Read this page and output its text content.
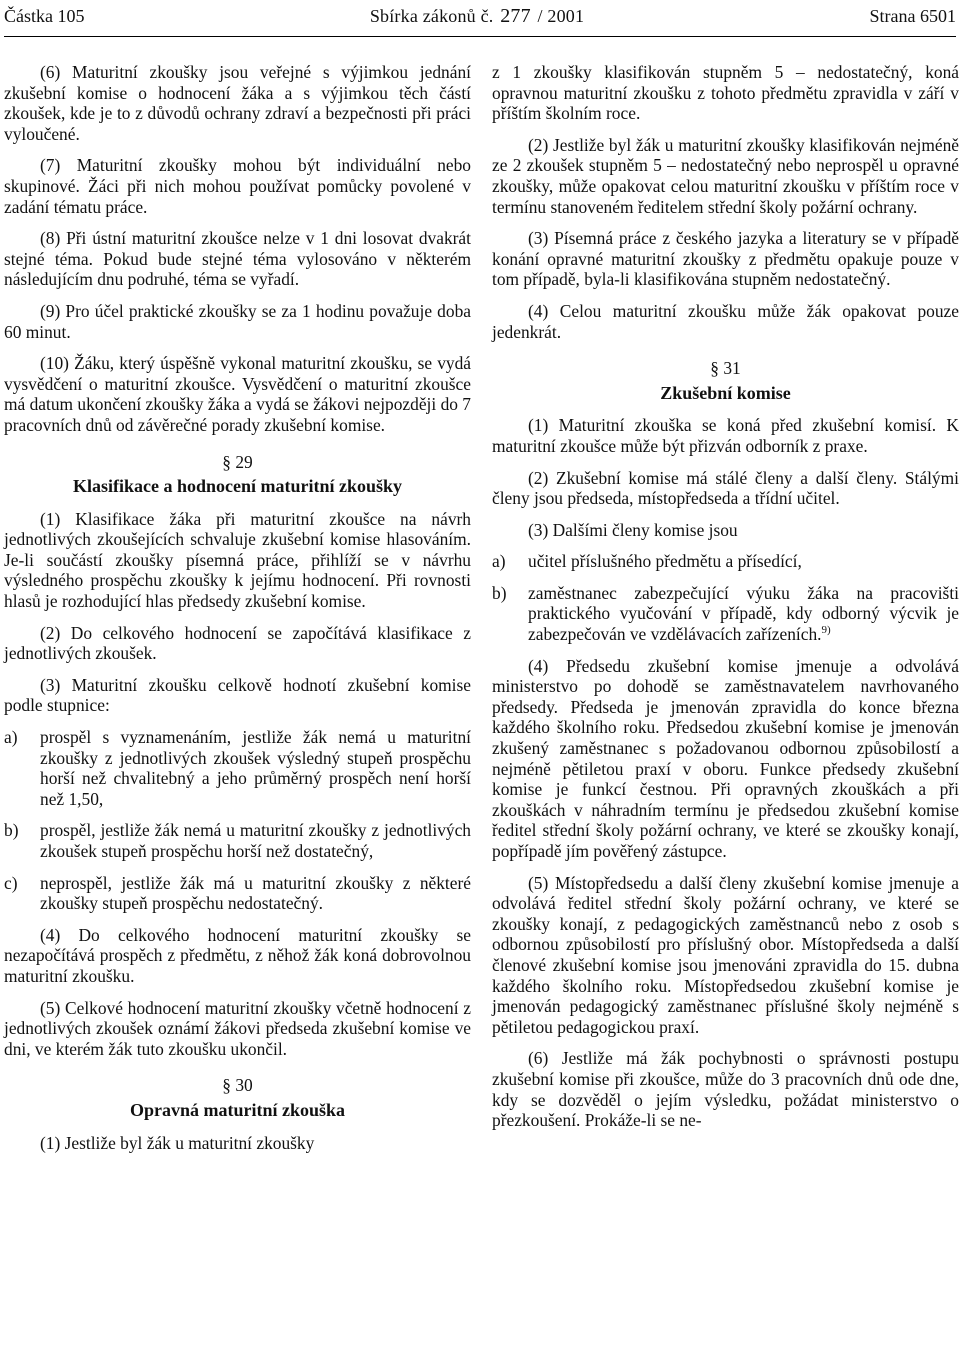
Částka 105	Sbírka zákonů č. 277 / 2001	Strana 6501

(6) Maturitní zkoušky jsou veřejné s výjimkou jednání zkušební komise o hodnocení žáka a s výjimkou těch částí zkoušek, kde je to z důvodů ochrany zdraví a bezpečnosti při práci vyloučené.

(7) Maturitní zkoušky mohou být individuální nebo skupinové. Žáci při nich mohou používat pomůcky povolené v zadání tématu práce.

(8) Při ústní maturitní zkoušce nelze v 1 dni losovat dvakrát stejné téma. Pokud bude stejné téma vylosováno v některém následujícím dnu podruhé, téma se vyřadí.

(9) Pro účel praktické zkoušky se za 1 hodinu považuje doba 60 minut.

(10) Žáku, který úspěšně vykonal maturitní zkoušku, se vydá vysvědčení o maturitní zkoušce. Vysvědčení o maturitní zkoušce má datum ukončení zkoušky žáka a vydá se žákovi nejpozději do 7 pracovních dnů od závěrečné porady zkušební komise.

§ 29
Klasifikace a hodnocení maturitní zkoušky

(1) Klasifikace žáka při maturitní zkoušce na návrh jednotlivých zkoušejících schvaluje zkušební komise hlasováním. Je-li součástí zkoušky písemná práce, přihlíží se v návrhu výsledného prospěchu zkoušky k jejímu hodnocení. Při rovnosti hlasů je rozhodující hlas předsedy zkušební komise.

(2) Do celkového hodnocení se započítává klasifikace z jednotlivých zkoušek.

(3) Maturitní zkoušku celkově hodnotí zkušební komise podle stupnice:

a)	prospěl s vyznamenáním, jestliže žák nemá u maturitní zkoušky z jednotlivých zkoušek výsledný stupeň prospěchu horší než chvalitebný a jeho průměrný prospěch není horší než 1,50,
b)	prospěl, jestliže žák nemá u maturitní zkoušky z jednotlivých zkoušek stupeň prospěchu horší než dostatečný,
c)	neprospěl, jestliže žák má u maturitní zkoušky z některé zkoušky stupeň prospěchu nedostatečný.

(4) Do celkového hodnocení maturitní zkoušky se nezapočítává prospěch z předmětu, z něhož žák koná dobrovolnou maturitní zkoušku.

(5) Celkové hodnocení maturitní zkoušky včetně hodnocení z jednotlivých zkoušek oznámí žákovi předseda zkušební komise ve dni, ve kterém žák tuto zkoušku ukončil.

§ 30
Opravná maturitní zkouška

(1) Jestliže byl žák u maturitní zkoušky

z 1 zkoušky klasifikován stupněm 5 – nedostatečný, koná opravnou maturitní zkoušku z tohoto předmětu zpravidla v září v příštím školním roce.

(2) Jestliže byl žák u maturitní zkoušky klasifikován nejméně ze 2 zkoušek stupněm 5 – nedostatečný nebo neprospěl u opravné zkoušky, může opakovat celou maturitní zkoušku v příštím roce v termínu stanoveném ředitelem střední školy požární ochrany.

(3) Písemná práce z českého jazyka a literatury se v případě konání opravné maturitní zkoušky z předmětu opakuje pouze v tom případě, byla-li klasifikována stupněm nedostatečný.

(4) Celou maturitní zkoušku může žák opakovat pouze jedenkrát.

§ 31
Zkušební komise

(1) Maturitní zkouška se koná před zkušební komisí. K maturitní zkoušce může být přizván odborník z praxe.

(2) Zkušební komise má stálé členy a další členy. Stálými členy jsou předseda, místopředseda a třídní učitel.

(3) Dalšími členy komise jsou

a)	učitel příslušného předmětu a přísedící,
b)	zaměstnanec zabezpečující výuku žáka na pracovišti praktického vyučování v případě, kdy odborný výcvik je zabezpečován ve vzdělávacích zařízeních.$^{9)}$

(4) Předsedu zkušební komise jmenuje a odvolává ministerstvo po dohodě se zaměstnavatelem navrhovaného předsedy. Předseda je jmenován zpravidla do konce března každého školního roku. Předsedou zkušební komise je jmenován zkušený zaměstnanec s požadovanou odbornou způsobilostí a nejméně pětiletou praxí v oboru. Funkce předsedy zkušební komise je funkcí čestnou. Při opravných zkouškách a při zkouškách v náhradním termínu je předsedou zkušební komise ředitel střední školy požární ochrany, ve které se zkoušky konají, popřípadě jím pověřený zástupce.

(5) Místopředsedu a další členy zkušební komise jmenuje a odvolává ředitel střední školy požární ochrany, ve které se zkoušky konají, z pedagogických zaměstnanců nebo z osob s odbornou způsobilostí pro příslušný obor. Místopředseda a další členové zkušební komise jsou jmenováni zpravidla do 15. dubna každého školního roku. Místopředsedou zkušební komise je jmenován pedagogický zaměstnanec příslušné školy nejméně s pětiletou pedagogickou praxí.

(6) Jestliže má žák pochybnosti o správnosti postupu zkušební komise při zkoušce, může do 3 pracovních dnů ode dne, kdy se dozvěděl o jejím výsledku, požádat ministerstvo o přezkoušení. Prokáže-li se ne-
